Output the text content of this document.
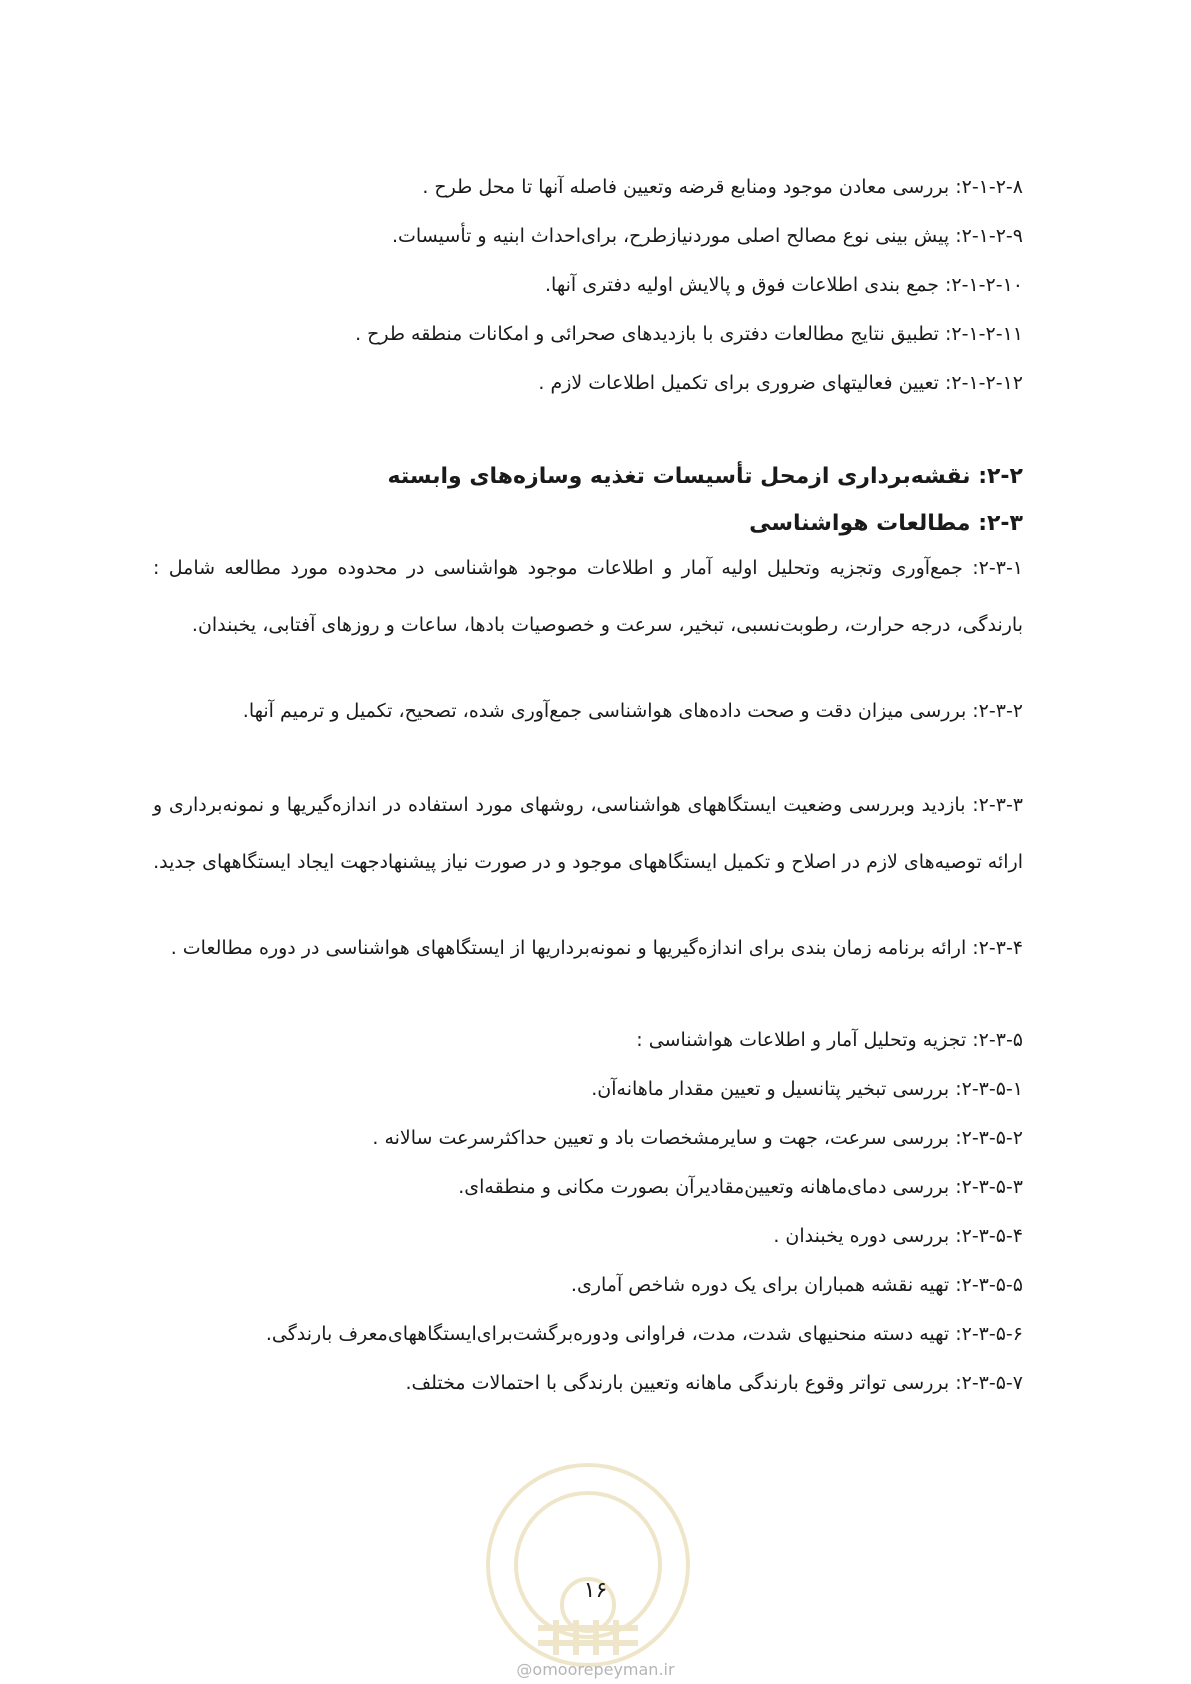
۲-۱-۲-۸: بررسی معادن موجود ومنابع قرضه وتعیین فاصله آنها تا محل طرح .
۲-۱-۲-۹: پیش بینی نوع مصالح اصلی موردنیازطرح، برای‌احداث ابنیه و تأسیسات.
۲-۱-۲-۱۰: جمع بندی اطلاعات فوق و پالایش اولیه دفتری آنها.
۲-۱-۲-۱۱: تطبیق نتایج مطالعات دفتری با بازدیدهای صحرائی و امکانات منطقه طرح .
۲-۱-۲-۱۲: تعیین فعالیتهای ضروری برای تکمیل اطلاعات لازم .
۲-۲: نقشه‌برداری ازمحل تأسیسات تغذیه وسازه‌های وابسته
۲-۳: مطالعات هواشناسی
۲-۳-۱: جمع‌آوری وتجزیه وتحلیل اولیه آمار و اطلاعات موجود هواشناسی در محدوده مورد مطالعه شامل : بارندگی، درجه حرارت، رطوبت‌نسبی، تبخیر، سرعت و خصوصیات بادها، ساعات و روزهای آفتابی، یخبندان.
۲-۳-۲: بررسی میزان دقت و صحت داده‌های هواشناسی جمع‌آوری شده، تصحیح، تکمیل و ترمیم آنها.
۲-۳-۳: بازدید وبررسی وضعیت ایستگاههای هواشناسی، روشهای مورد استفاده در اندازه‌گیریها و نمونه‌برداری و ارائه توصیه‌های لازم در اصلاح و تکمیل ایستگاههای موجود و در صورت نیاز پیشنهادجهت ایجاد ایستگاههای جدید.
۲-۳-۴: ارائه برنامه زمان بندی برای اندازه‌گیریها و نمونه‌برداریها از ایستگاههای هواشناسی در دوره مطالعات .
۲-۳-۵: تجزیه وتحلیل آمار و اطلاعات هواشناسی :
۲-۳-۵-۱: بررسی تبخیر پتانسیل و تعیین مقدار ماهانه‌آن.
۲-۳-۵-۲: بررسی سرعت، جهت و سایرمشخصات باد و تعیین حداکثرسرعت سالانه .
۲-۳-۵-۳: بررسی دمای‌ماهانه وتعیین‌مقادیرآن بصورت مکانی و منطقه‌ای.
۲-۳-۵-۴: بررسی دوره یخبندان .
۲-۳-۵-۵: تهیه نقشه همباران برای یک دوره شاخص آماری.
۲-۳-۵-۶: تهیه دسته منحنیهای شدت، مدت، فراوانی ودوره‌برگشت‌برای‌ایستگاههای‌معرف بارندگی.
۲-۳-۵-۷: بررسی تواتر وقوع بارندگی ماهانه وتعیین بارندگی با احتمالات مختلف.
۱۶
@omoorepeyman.ir
